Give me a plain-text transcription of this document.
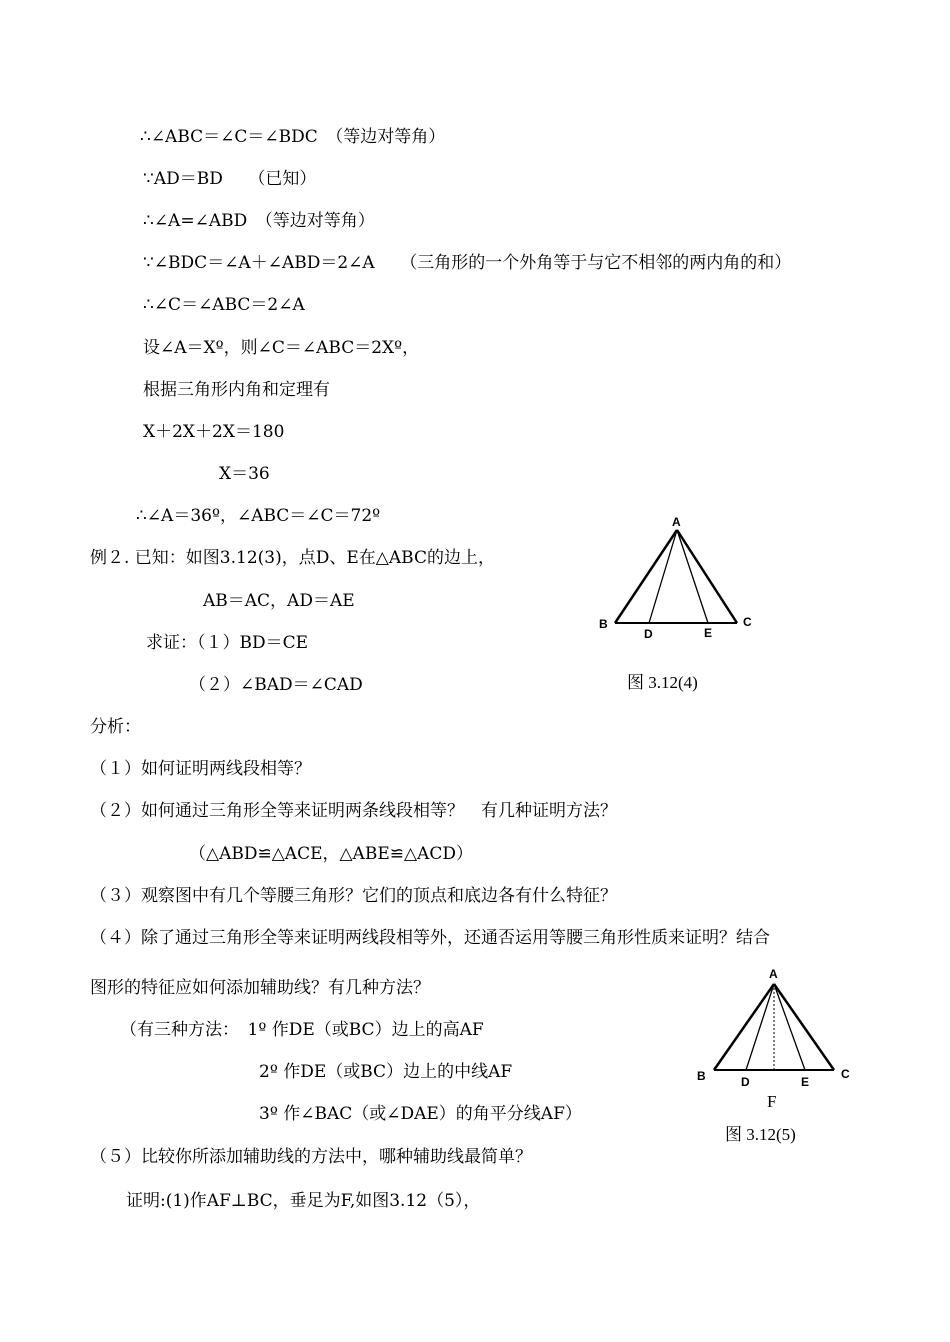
∴∠ABC＝∠C＝∠BDC　（等边对等角）
∵AD＝BD　　（已知）
∴∠A=∠ABD　（等边对等角）
∵∠BDC＝∠A＋∠ABD＝2∠A　　（三角形的一个外角等于与它不相邻的两内角的和）
∴∠C＝∠ABC＝2∠A
设∠A＝Xº，则∠C＝∠ABC＝2Xº，
根据三角形内角和定理有
X＋2X＋2X＝180
X＝36
∴∠A＝36º，∠ABC＝∠C＝72º
例２. 已知：如图3.12(3)，点D、E在△ABC的边上，
AB＝AC，AD＝AE
求证：（１）BD＝CE
（２）∠BAD＝∠CAD
分析：
（１）如何证明两线段相等？
（２）如何通过三角形全等来证明两条线段相等？　有几种证明方法？
（△ABD≌△ACE，△ABE≌△ACD）
（３）观察图中有几个等腰三角形？它们的顶点和底边各有什么特征？
（４）除了通过三角形全等来证明两线段相等外，还通否运用等腰三角形性质来证明？结合
图形的特征应如何添加辅助线？有几种方法？
（有三种方法：　1º 作DE（或BC）边上的高AF
2º 作DE（或BC）边上的中线AF
3º 作∠BAC（或∠DAE）的角平分线AF）
（５）比较你所添加辅助线的方法中，哪种辅助线最简单？
证明:(1)作AF⊥BC，垂足为F,如图3.12（5），
A
B	C
D	E
图 3.12(4)
A
B	C
D	E
F
图 3.12(5)
